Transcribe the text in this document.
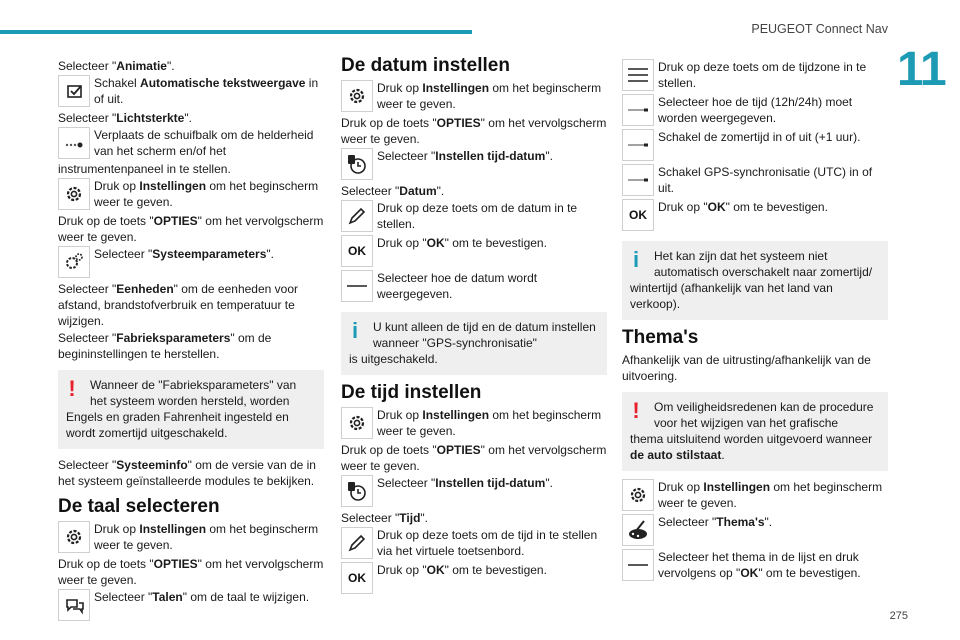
PEUGEOT Connect Nav
11
Selecteer "Animatie".
Schakel Automatische tekstweergave in of uit.
Selecteer "Lichtsterkte".
Verplaats de schuifbalk om de helderheid van het scherm en/of het
instrumentenpaneel in te stellen.
Druk op Instellingen om het beginscherm weer te geven.
Druk op de toets "OPTIES" om het vervolgscherm weer te geven.
Selecteer "Systeemparameters".
Selecteer "Eenheden" om de eenheden voor afstand, brandstofverbruik en temperatuur te wijzigen.
Selecteer "Fabrieksparameters" om de begininstellingen te herstellen.
!	Wanneer de "Fabrieksparameters" van het systeem worden hersteld, worden
Engels en graden Fahrenheit ingesteld en wordt zomertijd uitgeschakeld.
Selecteer "Systeeminfo" om de versie van de in het systeem geïnstalleerde modules te bekijken.
De taal selecteren
Druk op Instellingen om het beginscherm weer te geven.
Druk op de toets "OPTIES" om het vervolgscherm weer te geven.
Selecteer "Talen" om de taal te wijzigen.
De datum instellen
Druk op Instellingen om het beginscherm weer te geven.
Druk op de toets "OPTIES" om het vervolgscherm weer te geven.
Selecteer "Instellen tijd-datum".
Selecteer "Datum".
Druk op deze toets om de datum in te stellen.
OK
Druk op "OK" om te bevestigen.
Selecteer hoe de datum wordt weergegeven.
i	U kunt alleen de tijd en de datum instellen wanneer "GPS-synchronisatie"
is uitgeschakeld.
De tijd instellen
Druk op Instellingen om het beginscherm weer te geven.
Druk op de toets "OPTIES" om het vervolgscherm weer te geven.
Selecteer "Instellen tijd-datum".
Selecteer "Tijd".
Druk op deze toets om de tijd in te stellen via het virtuele toetsenbord.
OK
Druk op "OK" om te bevestigen.
Druk op deze toets om de tijdzone in te stellen.
Selecteer hoe de tijd (12h/24h) moet worden weergegeven.
Schakel de zomertijd in of uit (+1 uur).
Schakel GPS-synchronisatie (UTC) in of uit.
OK
Druk op "OK" om te bevestigen.
i	Het kan zijn dat het systeem niet automatisch overschakelt naar zomertijd/
wintertijd (afhankelijk van het land van verkoop).
Thema's
Afhankelijk van de uitrusting/afhankelijk van de uitvoering.
!	Om veiligheidsredenen kan de procedure voor het wijzigen van het grafische
thema uitsluitend worden uitgevoerd wanneer de auto stilstaat.
Druk op Instellingen om het beginscherm weer te geven.
Selecteer "Thema's".
Selecteer het thema in de lijst en druk vervolgens op "OK" om te bevestigen.
275
